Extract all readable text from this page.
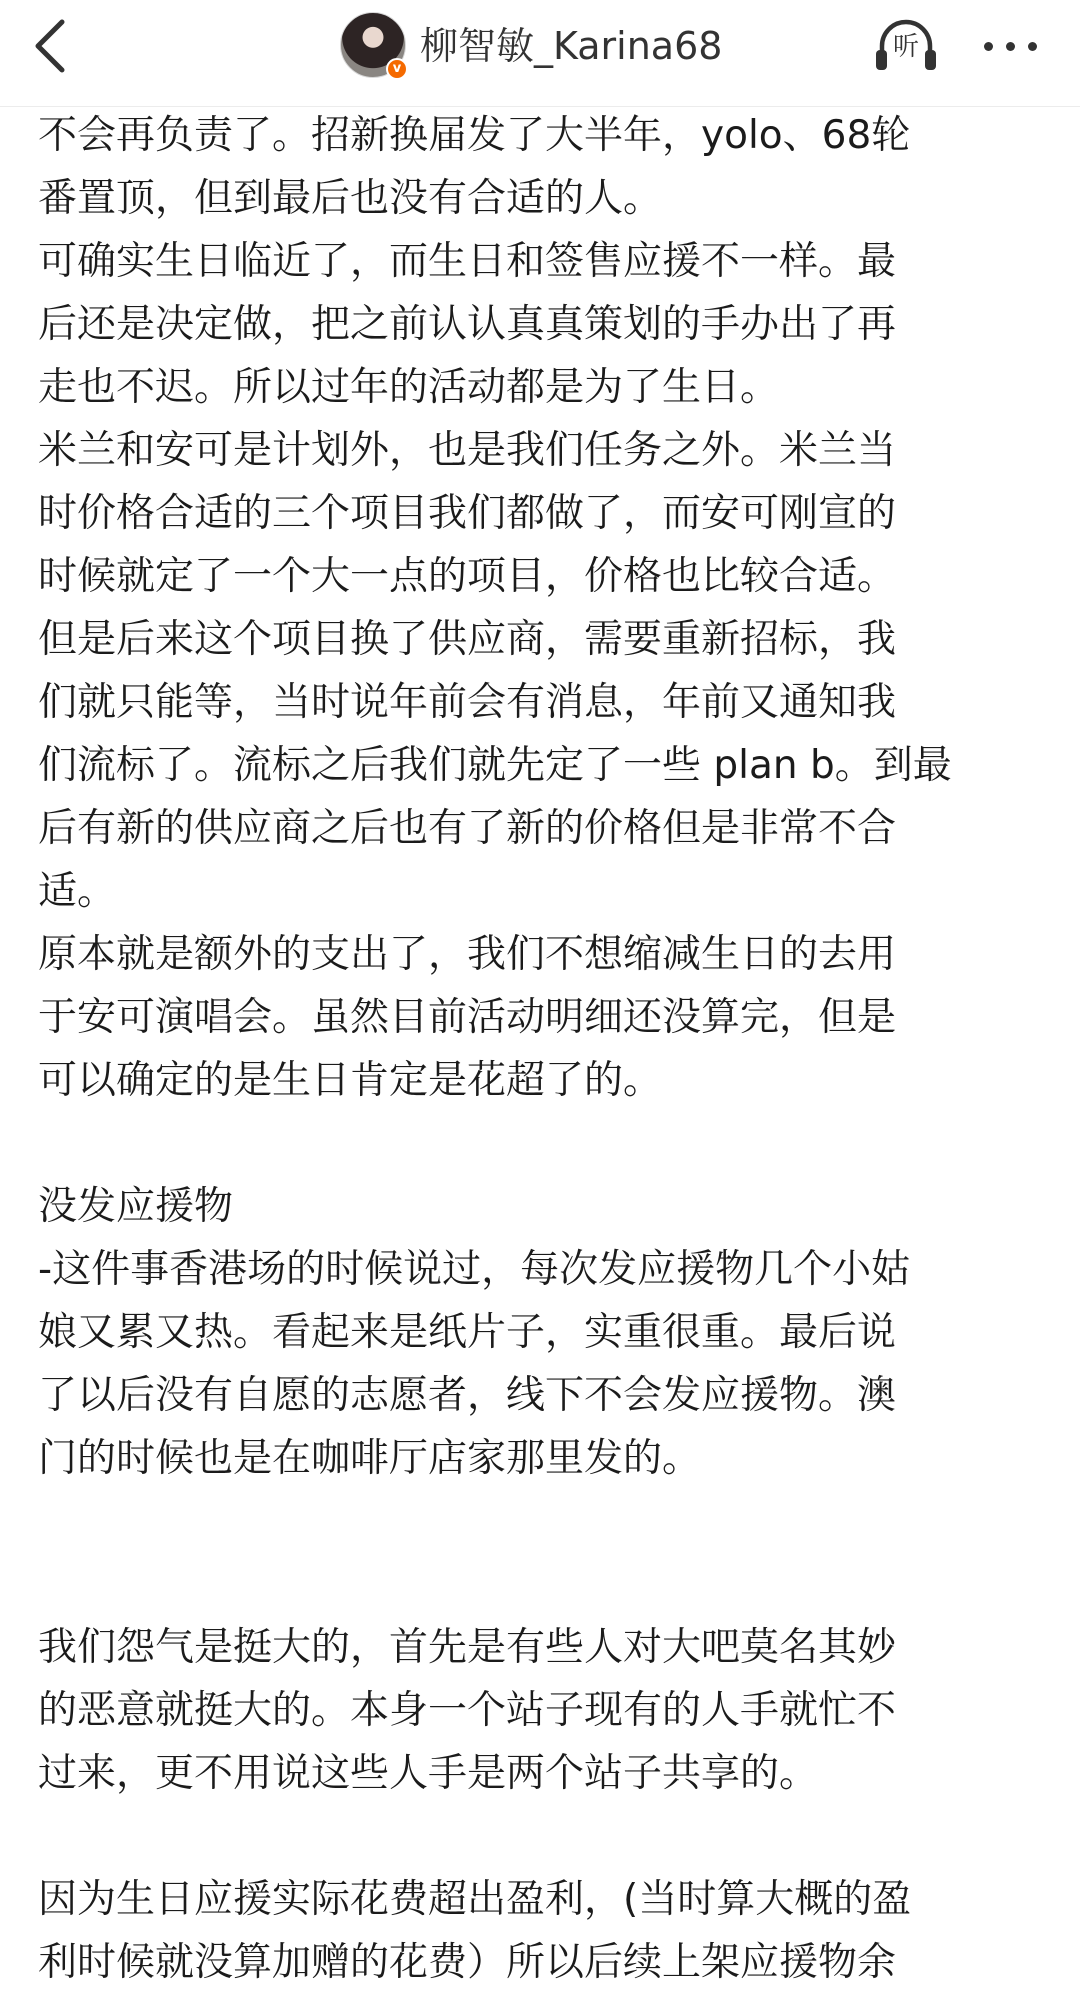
v
柳智敏_Karina68	听
不会再负责了。招新换届发了大半年，yolo、68轮
番置顶，但到最后也没有合适的人。
可确实生日临近了，而生日和签售应援不一样。最
后还是决定做，把之前认认真真策划的手办出了再
走也不迟。所以过年的活动都是为了生日。
米兰和安可是计划外，也是我们任务之外。米兰当
时价格合适的三个项目我们都做了，而安可刚宣的
时候就定了一个大一点的项目，价格也比较合适。
但是后来这个项目换了供应商，需要重新招标，我
们就只能等，当时说年前会有消息，年前又通知我
们流标了。流标之后我们就先定了一些 plan b。到最
后有新的供应商之后也有了新的价格但是非常不合
适。
原本就是额外的支出了，我们不想缩减生日的去用
于安可演唱会。虽然目前活动明细还没算完，但是
可以确定的是生日肯定是花超了的。
没发应援物
-这件事香港场的时候说过，每次发应援物几个小姑
娘又累又热。看起来是纸片子，实重很重。最后说
了以后没有自愿的志愿者，线下不会发应援物。澳
门的时候也是在咖啡厅店家那里发的。
我们怨气是挺大的，首先是有些人对大吧莫名其妙
的恶意就挺大的。本身一个站子现有的人手就忙不
过来，更不用说这些人手是两个站子共享的。
因为生日应援实际花费超出盈利，(当时算大概的盈
利时候就没算加赠的花费）所以后续上架应援物余
